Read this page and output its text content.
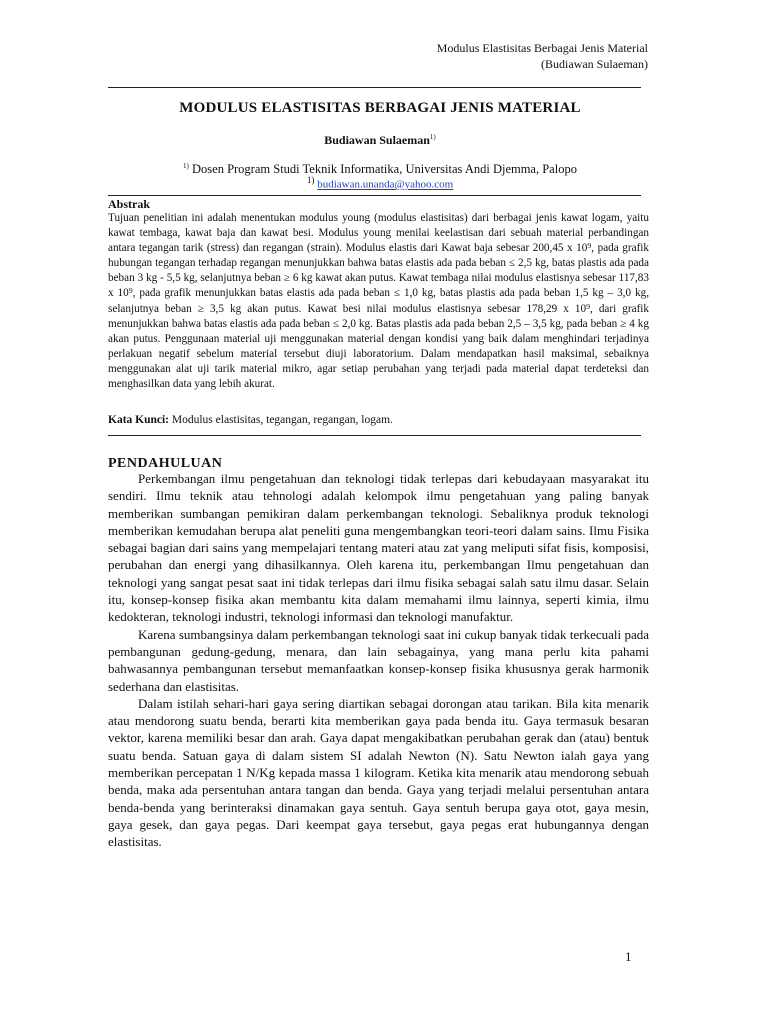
Modulus Elastisitas Berbagai Jenis Material
(Budiawan Sulaeman)
MODULUS ELASTISITAS BERBAGAI JENIS MATERIAL
Budiawan Sulaeman$^{1)}$
$^{1)}$ Dosen Program Studi Teknik Informatika, Universitas Andi Djemma, Palopo
$^{1)}$ budiawan.unanda@yahoo.com
Abstrak
Tujuan penelitian ini adalah menentukan modulus young (modulus elastisitas) dari berbagai jenis kawat logam, yaitu kawat tembaga, kawat baja dan kawat besi. Modulus young menilai keelastisan dari sebuah material perbandingan antara tegangan tarik (stress) dan regangan (strain). Modulus elastis dari Kawat baja sebesar 200,45 x 10⁹, pada grafik hubungan tegangan terhadap regangan menunjukkan bahwa batas elastis ada pada beban ≤ 2,5 kg, batas plastis ada pada beban 3 kg - 5,5 kg, selanjutnya beban ≥ 6 kg kawat akan putus. Kawat tembaga nilai modulus elastisnya sebesar 117,83 x 10⁹, pada grafik menunjukkan batas elastis ada pada beban ≤ 1,0 kg, batas plastis ada pada beban 1,5 kg – 3,0 kg, selanjutnya beban ≥ 3,5 kg akan putus. Kawat besi nilai modulus elastisnya sebesar 178,29 x 10⁹, dari grafik menunjukkan bahwa batas elastis ada pada beban ≤ 2,0 kg. Batas plastis ada pada beban 2,5 – 3,5 kg, pada beban ≥ 4 kg akan putus. Penggunaan material uji menggunakan material dengan kondisi yang baik dalam menghindari terjadinya perlakuan negatif sebelum material tersebut diuji laboratorium. Dalam mendapatkan hasil maksimal, sebaiknya menggunakan alat uji tarik material mikro, agar setiap perubahan yang terjadi pada material dapat terdeteksi dan menghasilkan data yang lebih akurat.
Kata Kunci: Modulus elastisitas, tegangan, regangan, logam.
PENDAHULUAN

Perkembangan ilmu pengetahuan dan teknologi tidak terlepas dari kebudayaan masyarakat itu sendiri. Ilmu teknik atau tehnologi adalah kelompok ilmu pengetahuan yang paling banyak memberikan sumbangan pemikiran dalam perkembangan teknologi. Sebaliknya produk teknologi memberikan kemudahan berupa alat peneliti guna mengembangkan teori-teori dalam sains. Ilmu Fisika sebagai bagian dari sains yang mempelajari tentang materi atau zat yang meliputi sifat fisis, komposisi, perubahan dan energi yang dihasilkannya. Oleh karena itu, perkembangan Ilmu pengetahuan dan teknologi yang sangat pesat saat ini tidak terlepas dari ilmu fisika sebagai salah satu ilmu dasar. Selain itu, konsep-konsep fisika akan membantu kita dalam memahami ilmu lainnya, seperti kimia, ilmu kedokteran, teknologi industri, teknologi informasi dan teknologi manufaktur.

Karena sumbangsinya dalam perkembangan teknologi saat ini cukup banyak tidak terkecuali pada pembangunan gedung-gedung, menara, dan lain sebagainya, yang mana perlu kita pahami bahwasannya pembangunan tersebut memanfaatkan konsep-konsep fisika khususnya gerak harmonik sederhana dan elastisitas.

Dalam istilah sehari-hari gaya sering diartikan sebagai dorongan atau tarikan. Bila kita menarik atau mendorong suatu benda, berarti kita memberikan gaya pada benda itu. Gaya termasuk besaran vektor, karena memiliki besar dan arah. Gaya dapat mengakibatkan perubahan gerak dan (atau) bentuk suatu benda. Satuan gaya di dalam sistem SI adalah Newton (N). Satu Newton ialah gaya yang memberikan percepatan 1 N/Kg kepada massa 1 kilogram. Ketika kita menarik atau mendorong sebuah benda, maka ada persentuhan antara tangan dan benda. Gaya yang terjadi melalui persentuhan antara benda-benda yang berinteraksi dinamakan gaya sentuh. Gaya sentuh berupa gaya otot, gaya mesin, gaya gesek, dan gaya pegas. Dari keempat gaya tersebut, gaya pegas erat hubungannya dengan elastisitas.

1
